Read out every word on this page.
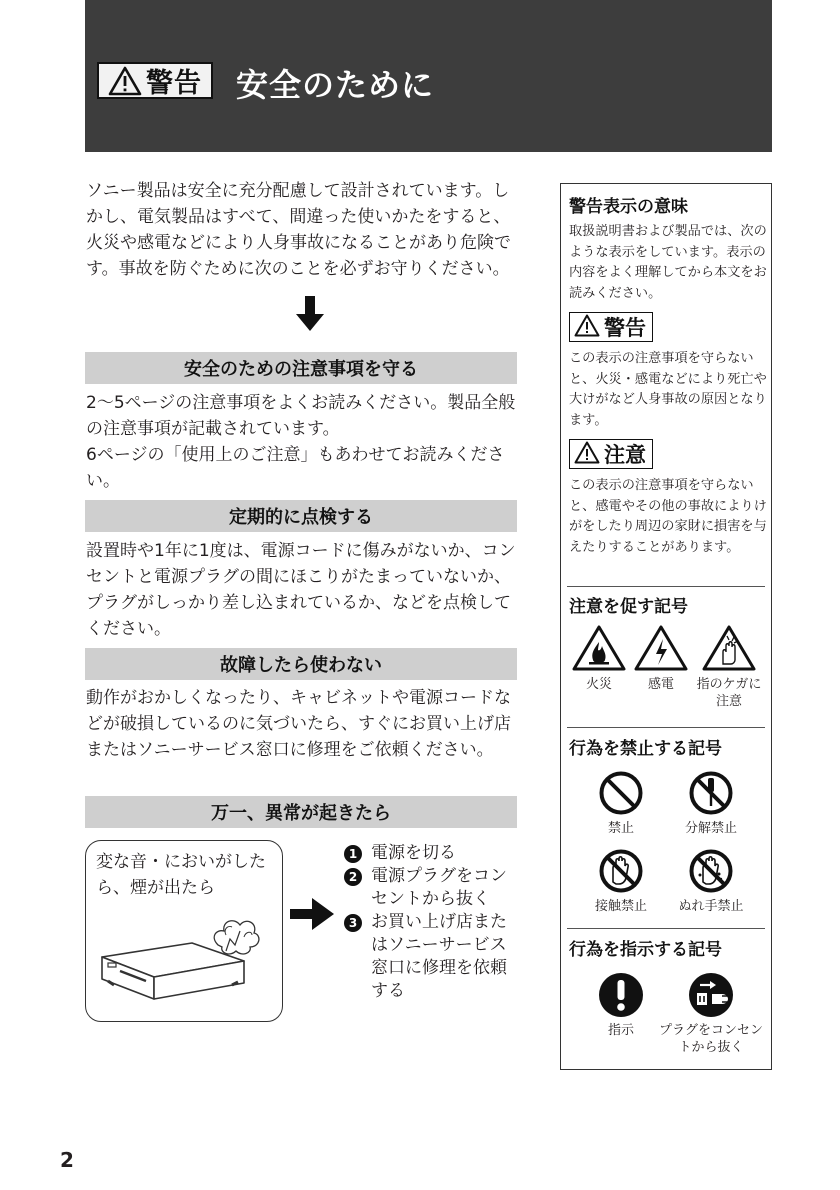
警告 安全のために

ソニー製品は安全に充分配慮して設計されています。しかし、電気製品はすべて、間違った使いかたをすると、火災や感電などにより人身事故になることがあり危険です。事故を防ぐために次のことを必ずお守りください。

安全のための注意事項を守る

2～5ページの注意事項をよくお読みください。製品全般の注意事項が記載されています。

6ページの「使用上のご注意」もあわせてお読みください。

定期的に点検する

設置時や1年に1度は、電源コードに傷みがないか、コンセントと電源プラグの間にほこりがたまっていないか、プラグがしっかり差し込まれているか、などを点検してください。

故障したら使わない

動作がおかしくなったり、キャビネットや電源コードなどが破損しているのに気づいたら、すぐにお買い上げ店またはソニーサービス窓口に修理をご依頼ください。

万一、異常が起きたら

変な音・においがしたら、煙が出たら

1 電源を切る
2 電源プラグをコンセントから抜く
3 お買い上げ店またはソニーサービス窓口に修理を依頼する
2
警告表示の意味

取扱説明書および製品では、次のような表示をしています。表示の内容をよく理解してから本文をお読みください。

警告

この表示の注意事項を守らないと、火災・感電などにより死亡や大けがなど人身事故の原因となります。

注意

この表示の注意事項を守らないと、感電やその他の事故によりけがをしたり周辺の家財に損害を与えたりすることがあります。

注意を促す記号
火災	感電 指のケガに注意
行為を禁止する記号
禁止	分解禁止
接触禁止 ぬれ手禁止
行為を指示する記号
指示	プラグをコンセントから抜く
